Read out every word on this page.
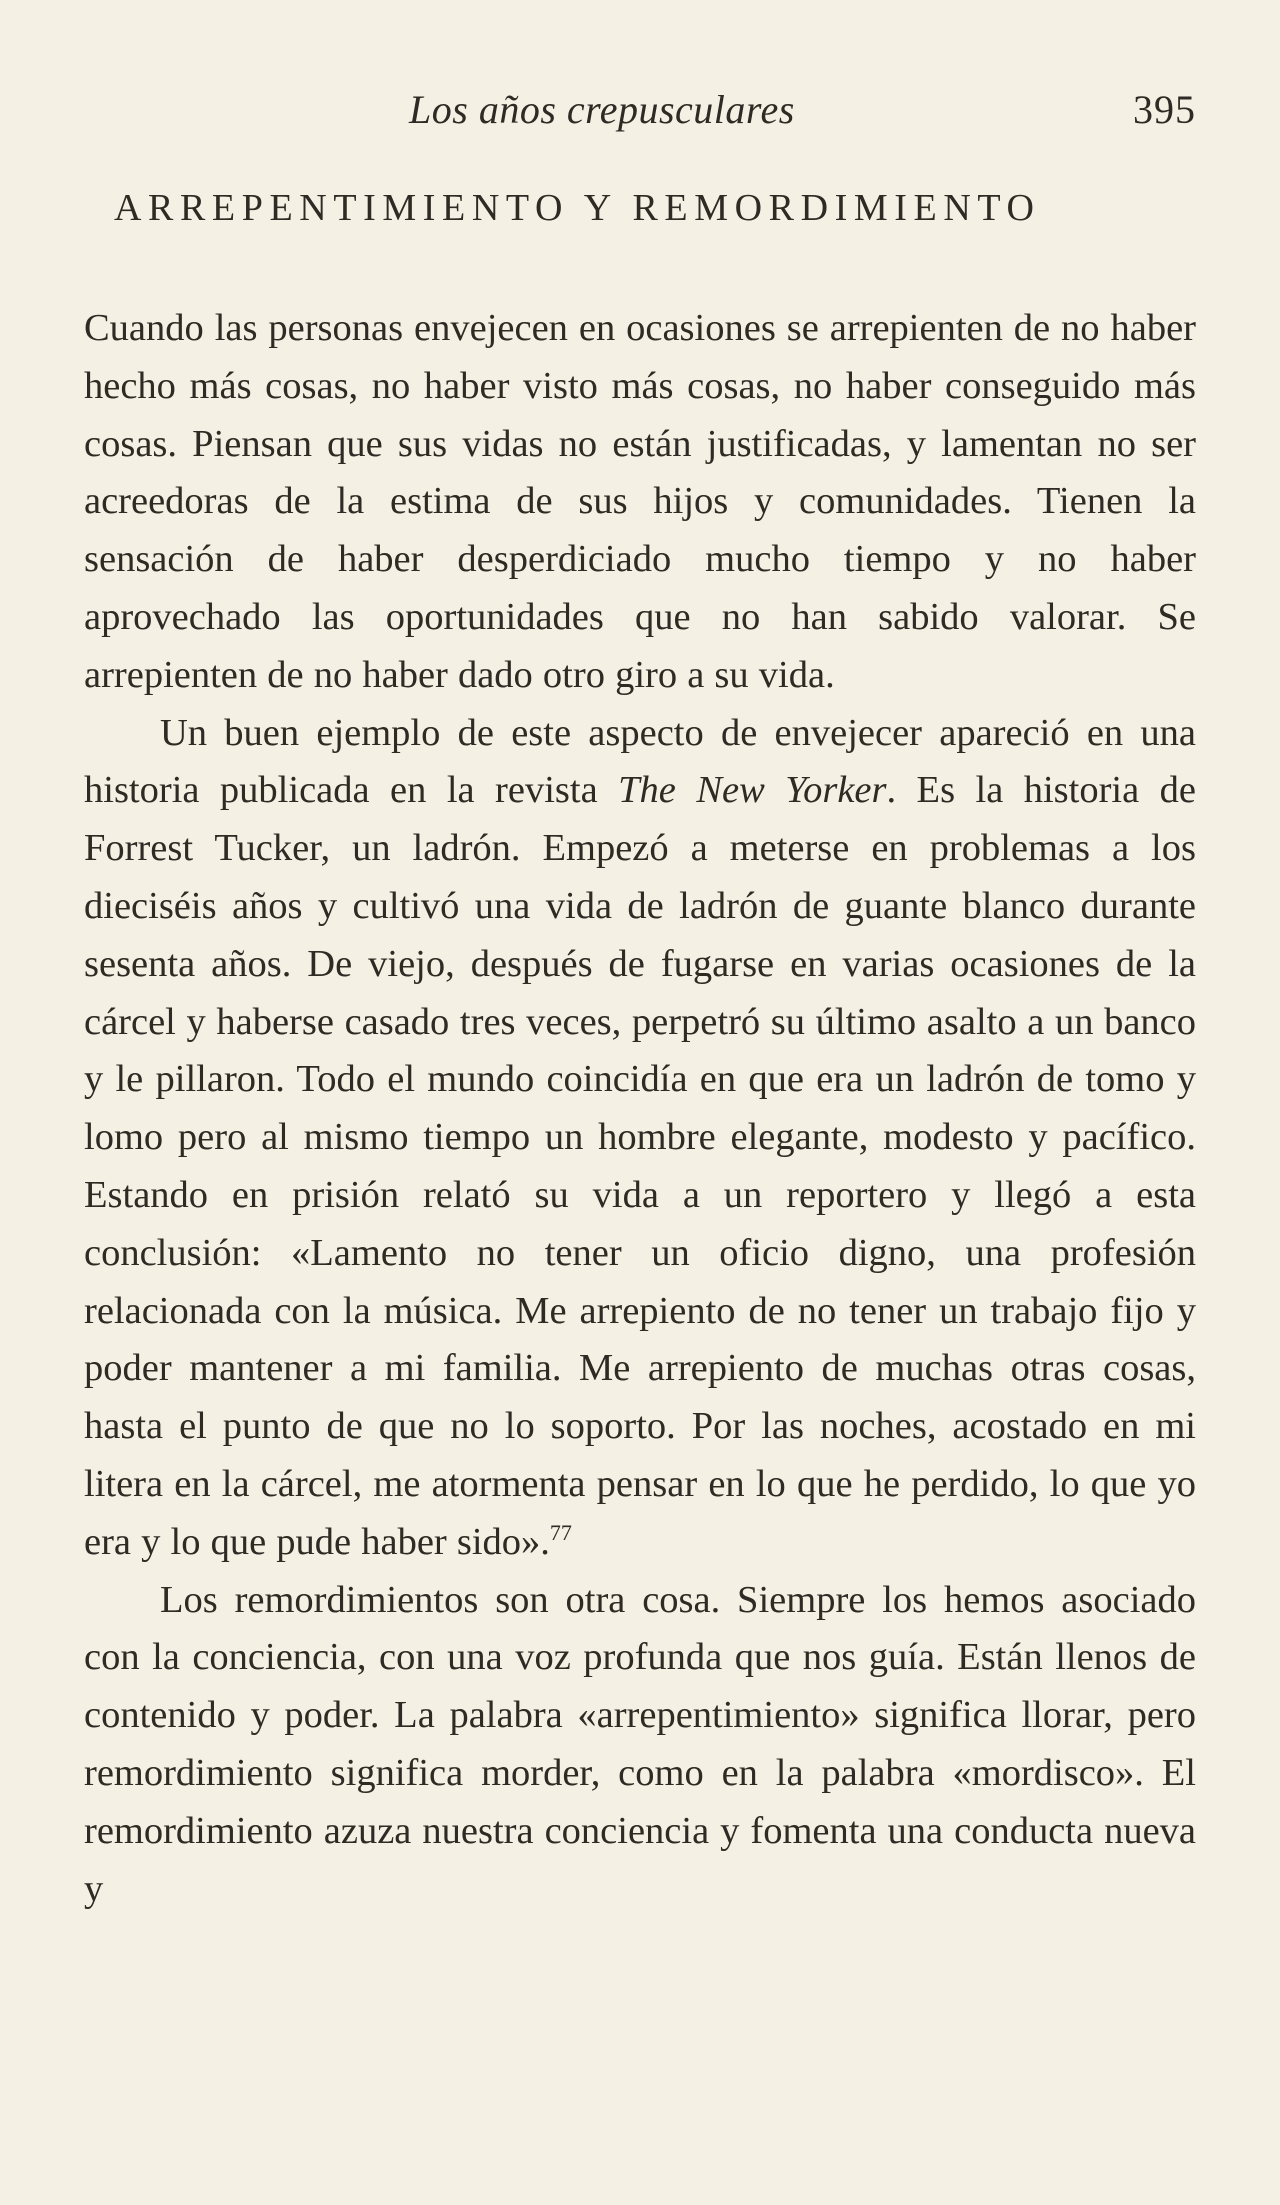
Los años crepusculares	395
ARREPENTIMIENTO Y REMORDIMIENTO

Cuando las personas envejecen en ocasiones se arrepienten de no haber hecho más cosas, no haber visto más cosas, no haber conseguido más cosas. Piensan que sus vidas no están justificadas, y lamentan no ser acreedoras de la estima de sus hijos y comunidades. Tienen la sensación de haber desperdiciado mucho tiempo y no haber aprovechado las oportunidades que no han sabido valorar. Se arrepienten de no haber dado otro giro a su vida.

Un buen ejemplo de este aspecto de envejecer apareció en una historia publicada en la revista The New Yorker. Es la historia de Forrest Tucker, un ladrón. Empezó a meterse en problemas a los dieciséis años y cultivó una vida de ladrón de guante blanco durante sesenta años. De viejo, después de fugarse en varias ocasiones de la cárcel y haberse casado tres veces, perpetró su último asalto a un banco y le pillaron. Todo el mundo coincidía en que era un ladrón de tomo y lomo pero al mismo tiempo un hombre elegante, modesto y pacífico. Estando en prisión relató su vida a un reportero y llegó a esta conclusión: «Lamento no tener un oficio digno, una profesión relacionada con la música. Me arrepiento de no tener un trabajo fijo y poder mantener a mi familia. Me arrepiento de muchas otras cosas, hasta el punto de que no lo soporto. Por las noches, acostado en mi litera en la cárcel, me atormenta pensar en lo que he perdido, lo que yo era y lo que pude haber sido».$^{77}$

Los remordimientos son otra cosa. Siempre los hemos asociado con la conciencia, con una voz profunda que nos guía. Están llenos de contenido y poder. La palabra «arrepentimiento» significa llorar, pero remordimiento significa morder, como en la palabra «mordisco». El remordimiento azuza nuestra conciencia y fomenta una conducta nueva y
